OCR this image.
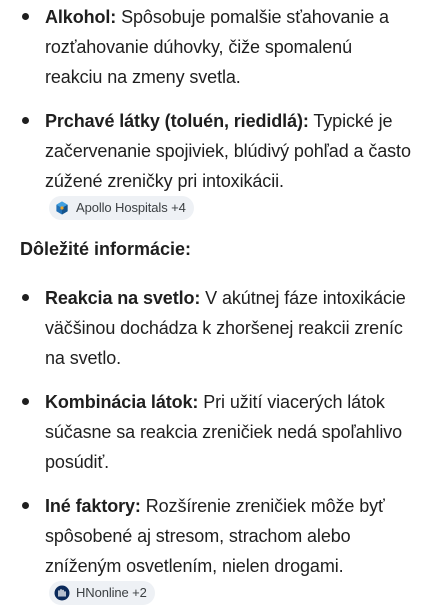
Alkohol: Spôsobuje pomalšie sťahovanie a rozťahovanie dúhovky, čiže spomalenú reakciu na zmeny svetla.
Prchavé látky (toluén, riedidlá): Typické je začervenanie spojiviek, blúdivý pohľad a často zúžené zreničky pri intoxikácii.
Apollo Hospitals +4
Dôležité informácie:
Reakcia na svetlo: V akútnej fáze intoxikácie väčšinou dochádza k zhoršenej reakcii zreníc na svetlo.
Kombinácia látok: Pri užití viacerých látok súčasne sa reakcia zreničiek nedá spoľahlivo posúdiť.
Iné faktory: Rozšírenie zreničiek môže byť spôsobené aj stresom, strachom alebo zníženým osvetlením, nielen drogami.
HNonline +2
